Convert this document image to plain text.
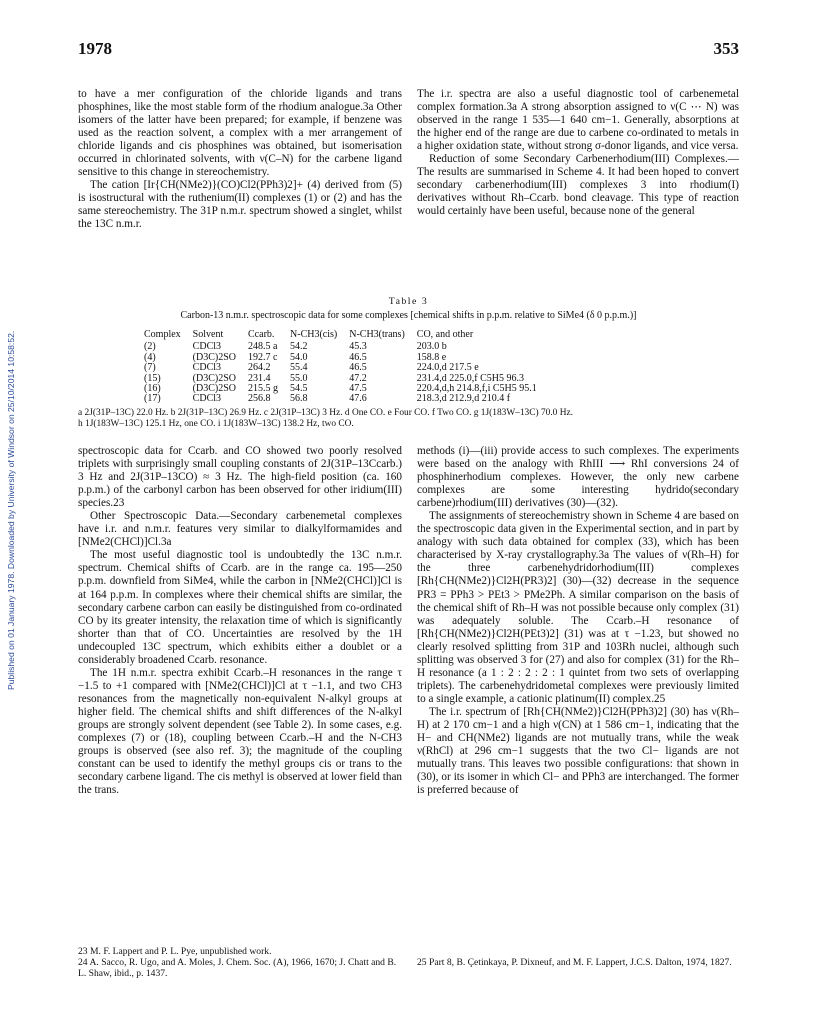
Published on 01 January 1978. Downloaded by University of Windsor on 25/10/2014 10:58:52.
1978	353

to have a mer configuration of the chloride ligands and trans phosphines, like the most stable form of the rhodium analogue.3a Other isomers of the latter have been prepared; for example, if benzene was used as the reaction solvent, a complex with a mer arrangement of chloride ligands and cis phosphines was obtained, but isomerisation occurred in chlorinated solvents, with ν(C–N) for the carbene ligand sensitive to this change in stereochemistry.

The cation [Ir{CH(NMe2)}(CO)Cl2(PPh3)2]+ (4) derived from (5) is isostructural with the ruthenium(II) complexes (1) or (2) and has the same stereochemistry. The 31P n.m.r. spectrum showed a singlet, whilst the 13C n.m.r.

The i.r. spectra are also a useful diagnostic tool of carbenemetal complex formation.3a A strong absorption assigned to ν(C ⋯ N) was observed in the range 1 535—1 640 cm−1. Generally, absorptions at the higher end of the range are due to carbene co-ordinated to metals in a higher oxidation state, without strong σ-donor ligands, and vice versa.

Reduction of some Secondary Carbenerhodium(III) Complexes.—The results are summarised in Scheme 4. It had been hoped to convert secondary carbenerhodium(III) complexes 3 into rhodium(I) derivatives without Rh–Ccarb. bond cleavage. This type of reaction would certainly have been useful, because none of the general

Table 3
Carbon-13 n.m.r. spectroscopic data for some complexes [chemical shifts in p.p.m. relative to SiMe4 (δ 0 p.p.m.)]
Complex	Solvent	Ccarb.	N-CH3(cis)	N-CH3(trans)	CO, and other
(2)	CDCl3	248.5 a	54.2	45.3	203.0 b
(4)	(D3C)2SO	192.7 c	54.0	46.5	158.8 e
(7)	CDCl3	264.2	55.4	46.5	224.0,d 217.5 e
(15)	(D3C)2SO	231.4	55.0	47.2	231.4,d 225.0,f C5H5 96.3
(16)	(D3C)2SO	215.5 g	54.5	47.5	220.4,d,h 214.8,f,i C5H5 95.1
(17)	CDCl3	256.8	56.8	47.6	218.3,d 212.9,d 210.4 f
a 2J(31P–13C) 22.0 Hz. b 2J(31P–13C) 26.9 Hz. c 2J(31P–13C) 3 Hz. d One CO. e Four CO. f Two CO. g 1J(183W–13C) 70.0 Hz.
h 1J(183W–13C) 125.1 Hz, one CO. i 1J(183W–13C) 138.2 Hz, two CO.

spectroscopic data for Ccarb. and CO showed two poorly resolved triplets with surprisingly small coupling constants of 2J(31P–13Ccarb.) 3 Hz and 2J(31P–13CO) ≈ 3 Hz. The high-field position (ca. 160 p.p.m.) of the carbonyl carbon has been observed for other iridium(III) species.23

Other Spectroscopic Data.—Secondary carbenemetal complexes have i.r. and n.m.r. features very similar to dialkylformamides and [NMe2(CHCl)]Cl.3a

The most useful diagnostic tool is undoubtedly the 13C n.m.r. spectrum. Chemical shifts of Ccarb. are in the range ca. 195—250 p.p.m. downfield from SiMe4, while the carbon in [NMe2(CHCl)]Cl is at 164 p.p.m. In complexes where their chemical shifts are similar, the secondary carbene carbon can easily be distinguished from co-ordinated CO by its greater intensity, the relaxation time of which is significantly shorter than that of CO. Uncertainties are resolved by the 1H undecoupled 13C spectrum, which exhibits either a doublet or a considerably broadened Ccarb. resonance.

The 1H n.m.r. spectra exhibit Ccarb.–H resonances in the range τ −1.5 to +1 compared with [NMe2(CHCl)]Cl at τ −1.1, and two CH3 resonances from the magnetically non-equivalent N-alkyl groups at higher field. The chemical shifts and shift differences of the N-alkyl groups are strongly solvent dependent (see Table 2). In some cases, e.g. complexes (7) or (18), coupling between Ccarb.–H and the N-CH3 groups is observed (see also ref. 3); the magnitude of the coupling constant can be used to identify the methyl groups cis or trans to the secondary carbene ligand. The cis methyl is observed at lower field than the trans.

methods (i)—(iii) provide access to such complexes. The experiments were based on the analogy with RhIII ⟶ RhI conversions 24 of phosphinerhodium complexes. However, the only new carbene complexes are some interesting hydrido(secondary carbene)rhodium(III) derivatives (30)—(32).

The assignments of stereochemistry shown in Scheme 4 are based on the spectroscopic data given in the Experimental section, and in part by analogy with such data obtained for complex (33), which has been characterised by X-ray crystallography.3a The values of ν(Rh–H) for the three carbenehydridorhodium(III) complexes [Rh{CH(NMe2)}Cl2H(PR3)2] (30)—(32) decrease in the sequence PR3 = PPh3 > PEt3 > PMe2Ph. A similar comparison on the basis of the chemical shift of Rh–H was not possible because only complex (31) was adequately soluble. The Ccarb.–H resonance of [Rh{CH(NMe2)}Cl2H(PEt3)2] (31) was at τ −1.23, but showed no clearly resolved splitting from 31P and 103Rh nuclei, although such splitting was observed 3 for (27) and also for complex (31) for the Rh–H resonance (a 1 : 2 : 2 : 2 : 1 quintet from two sets of overlapping triplets). The carbenehydridometal complexes were previously limited to a single example, a cationic platinum(II) complex.25

The i.r. spectrum of [Rh{CH(NMe2)}Cl2H(PPh3)2] (30) has ν(Rh–H) at 2 170 cm−1 and a high ν(CN) at 1 586 cm−1, indicating that the H− and CH(NMe2) ligands are not mutually trans, while the weak ν(RhCl) at 296 cm−1 suggests that the two Cl− ligands are not mutually trans. This leaves two possible configurations: that shown in (30), or its isomer in which Cl− and PPh3 are interchanged. The former is preferred because of

23 M. F. Lappert and P. L. Pye, unpublished work.

24 A. Sacco, R. Ugo, and A. Moles, J. Chem. Soc. (A), 1966, 1670; J. Chatt and B. L. Shaw, ibid., p. 1437.

25 Part 8, B. Çetinkaya, P. Dixneuf, and M. F. Lappert, J.C.S. Dalton, 1974, 1827.
